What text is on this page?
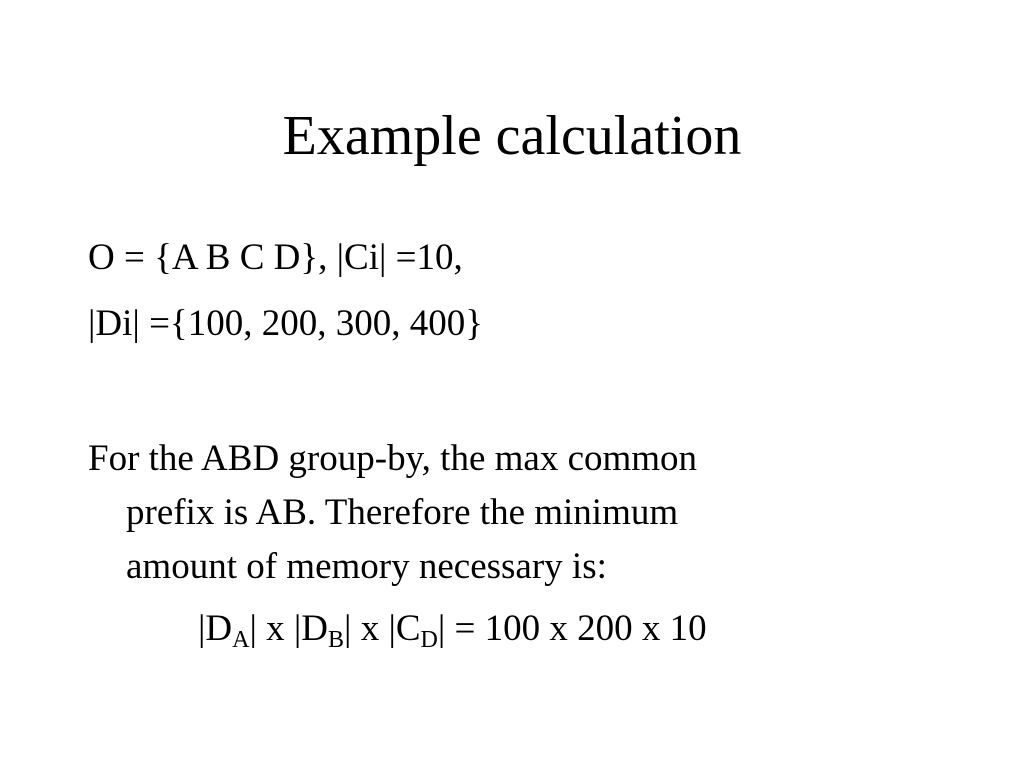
Example calculation
O = {A B C D}, |Ci| =10,
|Di| ={100, 200, 300, 400}
For the ABD group-by, the max common
prefix is AB. Therefore the minimum
amount of memory necessary is:
$|D_A|$ x $|D_B|$ x $|C_D| = 100$ x 200 x 10
